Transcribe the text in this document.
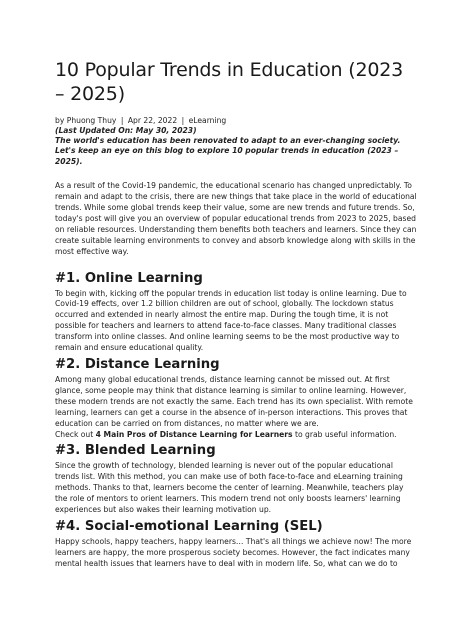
10 Popular Trends in Education (2023 – 2025)

by Phuong Thuy | Apr 22, 2022 | eLearning

(Last Updated On: May 30, 2023)

The world's education has been renovated to adapt to an ever-changing society. Let's keep an eye on this blog to explore 10 popular trends in education (2023 – 2025).

As a result of the Covid-19 pandemic, the educational scenario has changed unpredictably. To remain and adapt to the crisis, there are new things that take place in the world of educational trends. While some global trends keep their value, some are new trends and future trends. So, today's post will give you an overview of popular educational trends from 2023 to 2025, based on reliable resources. Understanding them benefits both teachers and learners. Since they can create suitable learning environments to convey and absorb knowledge along with skills in the most effective way.

#1. Online Learning

To begin with, kicking off the popular trends in education list today is online learning. Due to Covid-19 effects, over 1.2 billion children are out of school, globally. The lockdown status occurred and extended in nearly almost the entire map. During the tough time, it is not possible for teachers and learners to attend face-to-face classes. Many traditional classes transform into online classes. And online learning seems to be the most productive way to remain and ensure educational quality.

#2. Distance Learning

Among many global educational trends, distance learning cannot be missed out. At first glance, some people may think that distance learning is similar to online learning. However, these modern trends are not exactly the same. Each trend has its own specialist. With remote learning, learners can get a course in the absence of in-person interactions. This proves that education can be carried on from distances, no matter where we are.

Check out 4 Main Pros of Distance Learning for Learners to grab useful information.

#3. Blended Learning

Since the growth of technology, blended learning is never out of the popular educational trends list. With this method, you can make use of both face-to-face and eLearning training methods. Thanks to that, learners become the center of learning. Meanwhile, teachers play the role of mentors to orient learners. This modern trend not only boosts learners' learning experiences but also wakes their learning motivation up.

#4. Social-emotional Learning (SEL)

Happy schools, happy teachers, happy learners… That's all things we achieve now! The more learners are happy, the more prosperous society becomes. However, the fact indicates many mental health issues that learners have to deal with in modern life. So, what can we do to
